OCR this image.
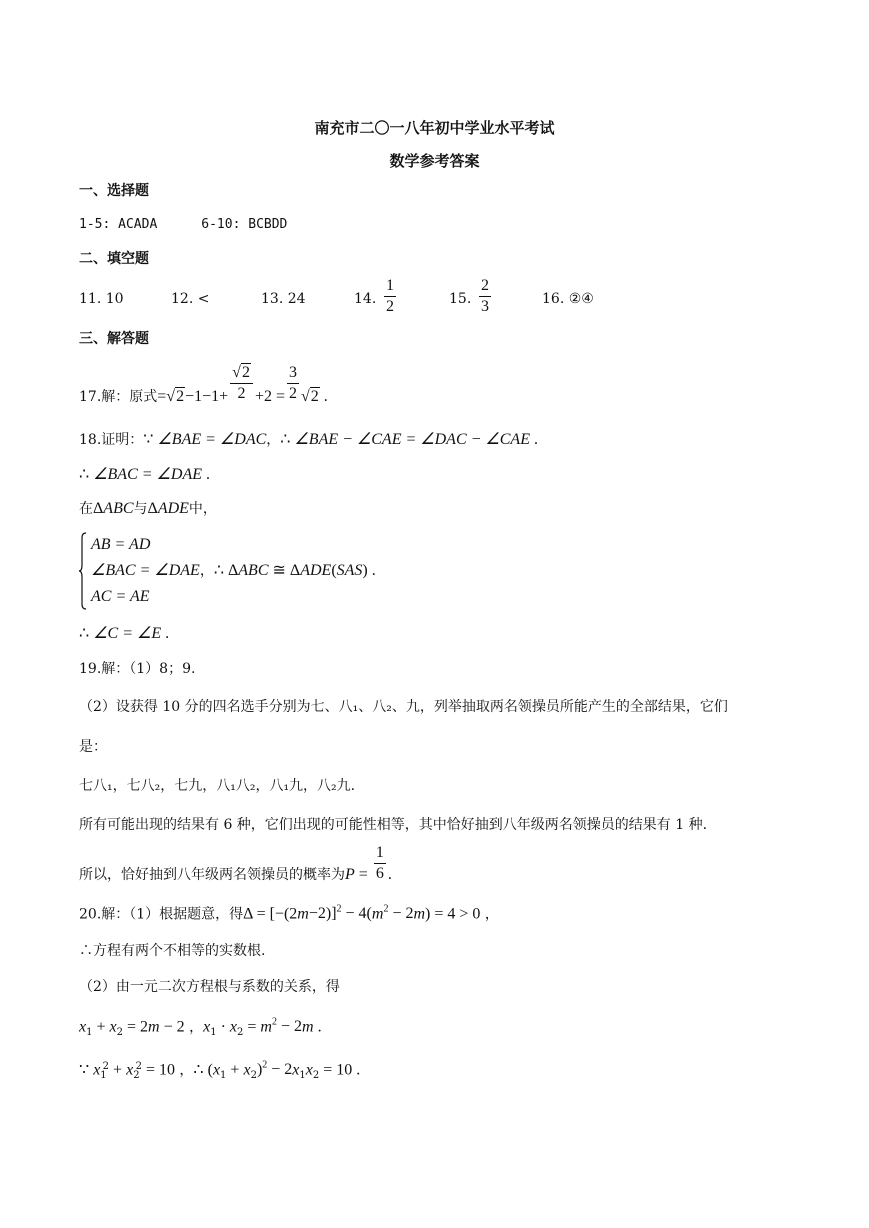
南充市二〇一八年初中学业水平考试
数学参考答案
一、选择题
1-5: ACADA	6-10: BCBDD
二、填空题
11. 10	12. <	13. 24	14. $\frac{1}{2}$	15. $\frac{2}{3}$	16. ②④
三、解答题
17.解：原式$=√2-1-1+ \frac{√2}{2} +2 = \frac{3}{2} √2$ .
18.证明：∵ ∠BAE = ∠DAC，∴ ∠BAE − ∠CAE = ∠DAC − ∠CAE .
∴ ∠BAC = ∠DAE .
在ΔABC与ΔADE中，
AB = AD
∠BAC = ∠DAE，∴ ΔABC ≅ ΔADE(SAS) .
AC = AE
∴ ∠C = ∠E .
19.解：（1）8；9.
（2）设获得 10 分的四名选手分别为七、八₁、八₂、九，列举抽取两名领操员所能产生的全部结果，它们
是：
七八₁，七八₂，七九，八₁八₂，八₁九，八₂九.
所有可能出现的结果有 6 种，它们出现的可能性相等，其中恰好抽到八年级两名领操员的结果有 1 种.
所以，恰好抽到八年级两名领操员的概率为$P = \frac{1}{6}$ .
20.解：（1）根据题意，得$\Delta = [-(2m-2)]^2 - 4(m^2 - 2m) = 4 > 0$ ，
∴方程有两个不相等的实数根.
（2）由一元二次方程根与系数的关系，得
$x_1 + x_2 = 2m - 2$ ，$x_1 \cdot x_2 = m^2 - 2m$ .
∵ $x_1^2 + x_2^2 = 10$ ，∴ $(x_1 + x_2)^2 - 2x_1x_2 = 10$ .
